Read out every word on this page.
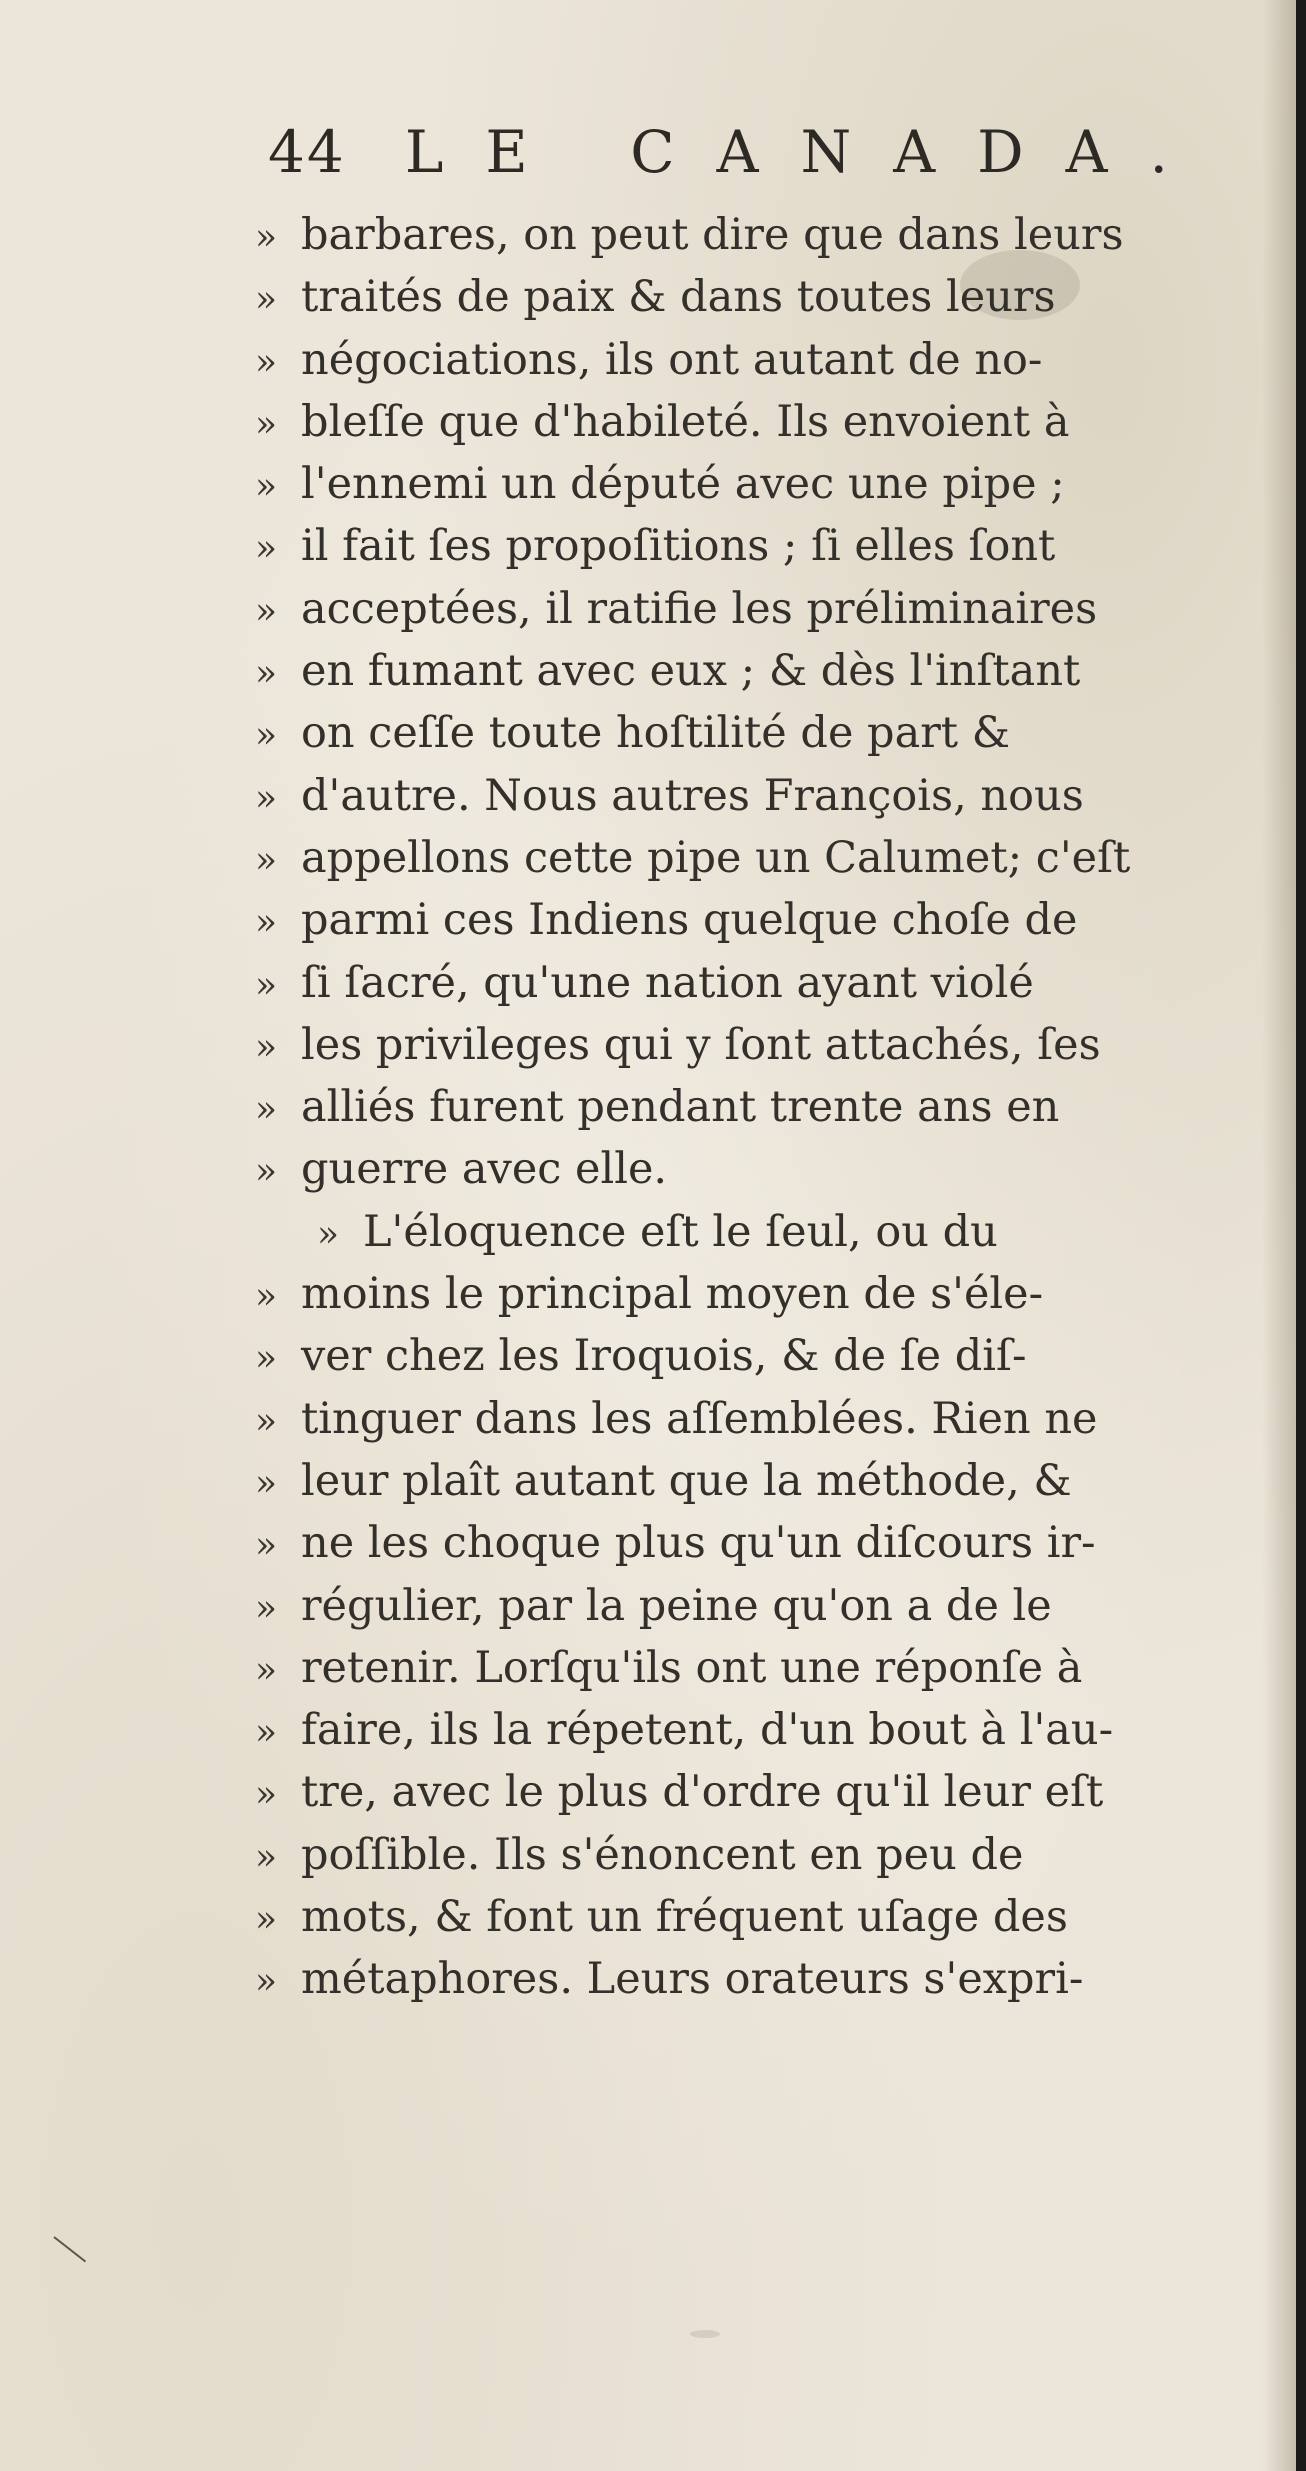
44 LE CANADA.
» barbares, on peut dire que dans leurs
» traités de paix & dans toutes leurs
» négociations, ils ont autant de no-
» bleſſe que d'habileté. Ils envoient à
» l'ennemi un député avec une pipe ;
» il fait ſes propoſitions ; ſi elles ſont
» acceptées, il ratifie les préliminaires
» en fumant avec eux ; & dès l'inſtant
» on ceſſe toute hoſtilité de part &
» d'autre. Nous autres François, nous
» appellons cette pipe un Calumet; c'eſt
» parmi ces Indiens quelque choſe de
» ſi ſacré, qu'une nation ayant violé
» les privileges qui y ſont attachés, ſes
» alliés furent pendant trente ans en
» guerre avec elle.
» L'éloquence eſt le ſeul, ou du
» moins le principal moyen de s'éle-
» ver chez les Iroquois, & de ſe diſ-
» tinguer dans les aſſemblées. Rien ne
» leur plaît autant que la méthode, &
» ne les choque plus qu'un diſcours ir-
» régulier, par la peine qu'on a de le
» retenir. Lorſqu'ils ont une réponſe à
» faire, ils la répetent, d'un bout à l'au-
» tre, avec le plus d'ordre qu'il leur eſt
» poſſible. Ils s'énoncent en peu de
» mots, & font un fréquent uſage des
» métaphores. Leurs orateurs s'expri-
